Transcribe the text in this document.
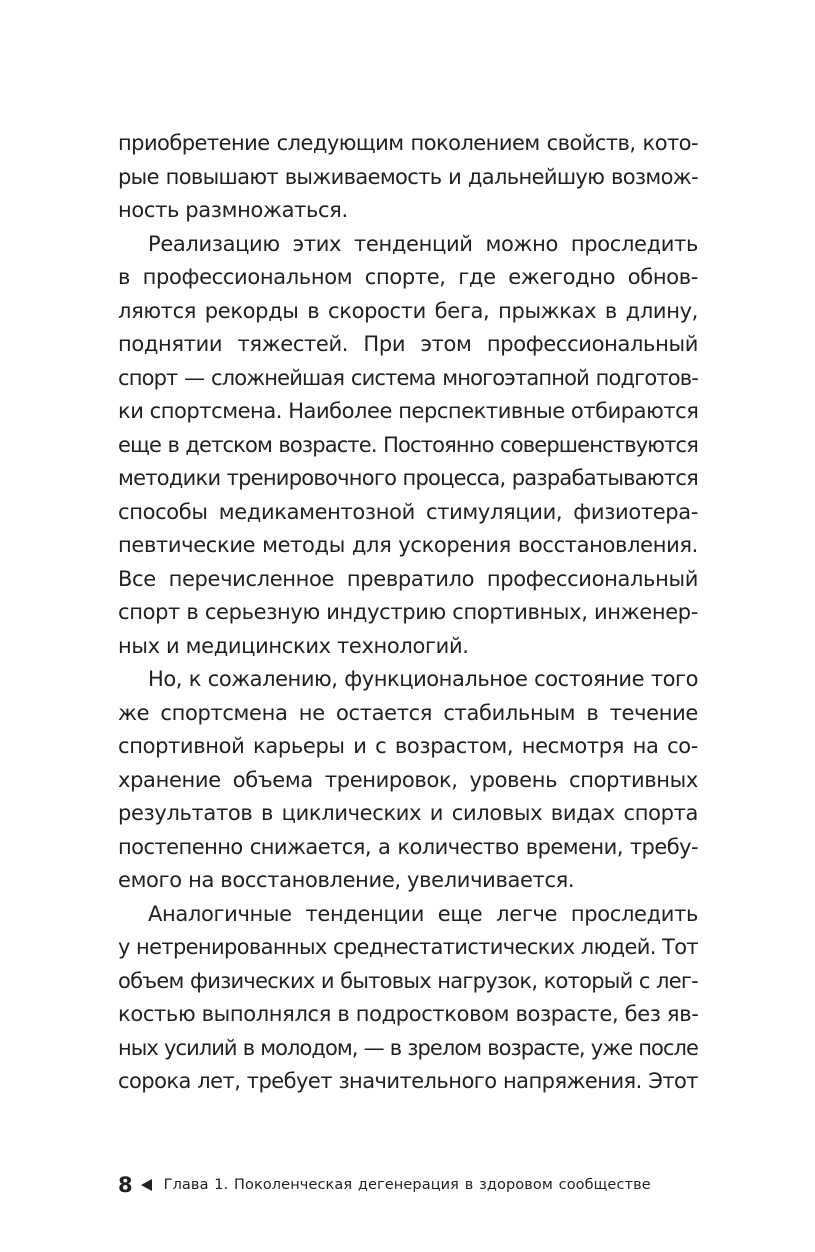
приобретение следующим поколением свойств, кото-
рые повышают выживаемость и дальнейшую возмож-
ность размножаться.
Реализацию этих тенденций можно проследить
в профессиональном спорте, где ежегодно обнов-
ляются рекорды в скорости бега, прыжках в длину,
поднятии тяжестей. При этом профессиональный
спорт — сложнейшая система многоэтапной подготов-
ки спортсмена. Наиболее перспективные отбираются
еще в детском возрасте. Постоянно совершенствуются
методики тренировочного процесса, разрабатываются
способы медикаментозной стимуляции, физиотера-
певтические методы для ускорения восстановления.
Все перечисленное превратило профессиональный
спорт в серьезную индустрию спортивных, инженер-
ных и медицинских технологий.
Но, к сожалению, функциональное состояние того
же спортсмена не остается стабильным в течение
спортивной карьеры и с возрастом, несмотря на со-
хранение объема тренировок, уровень спортивных
результатов в циклических и силовых видах спорта
постепенно снижается, а количество времени, требу-
емого на восстановление, увеличивается.
Аналогичные тенденции еще легче проследить
у нетренированных среднестатистических людей. Тот
объем физических и бытовых нагрузок, который с лег-
костью выполнялся в подростковом возрасте, без яв-
ных усилий в молодом, — в зрелом возрасте, уже после
сорока лет, требует значительного напряжения. Этот
8 Глава 1. Поколенческая дегенерация в здоровом сообществе
